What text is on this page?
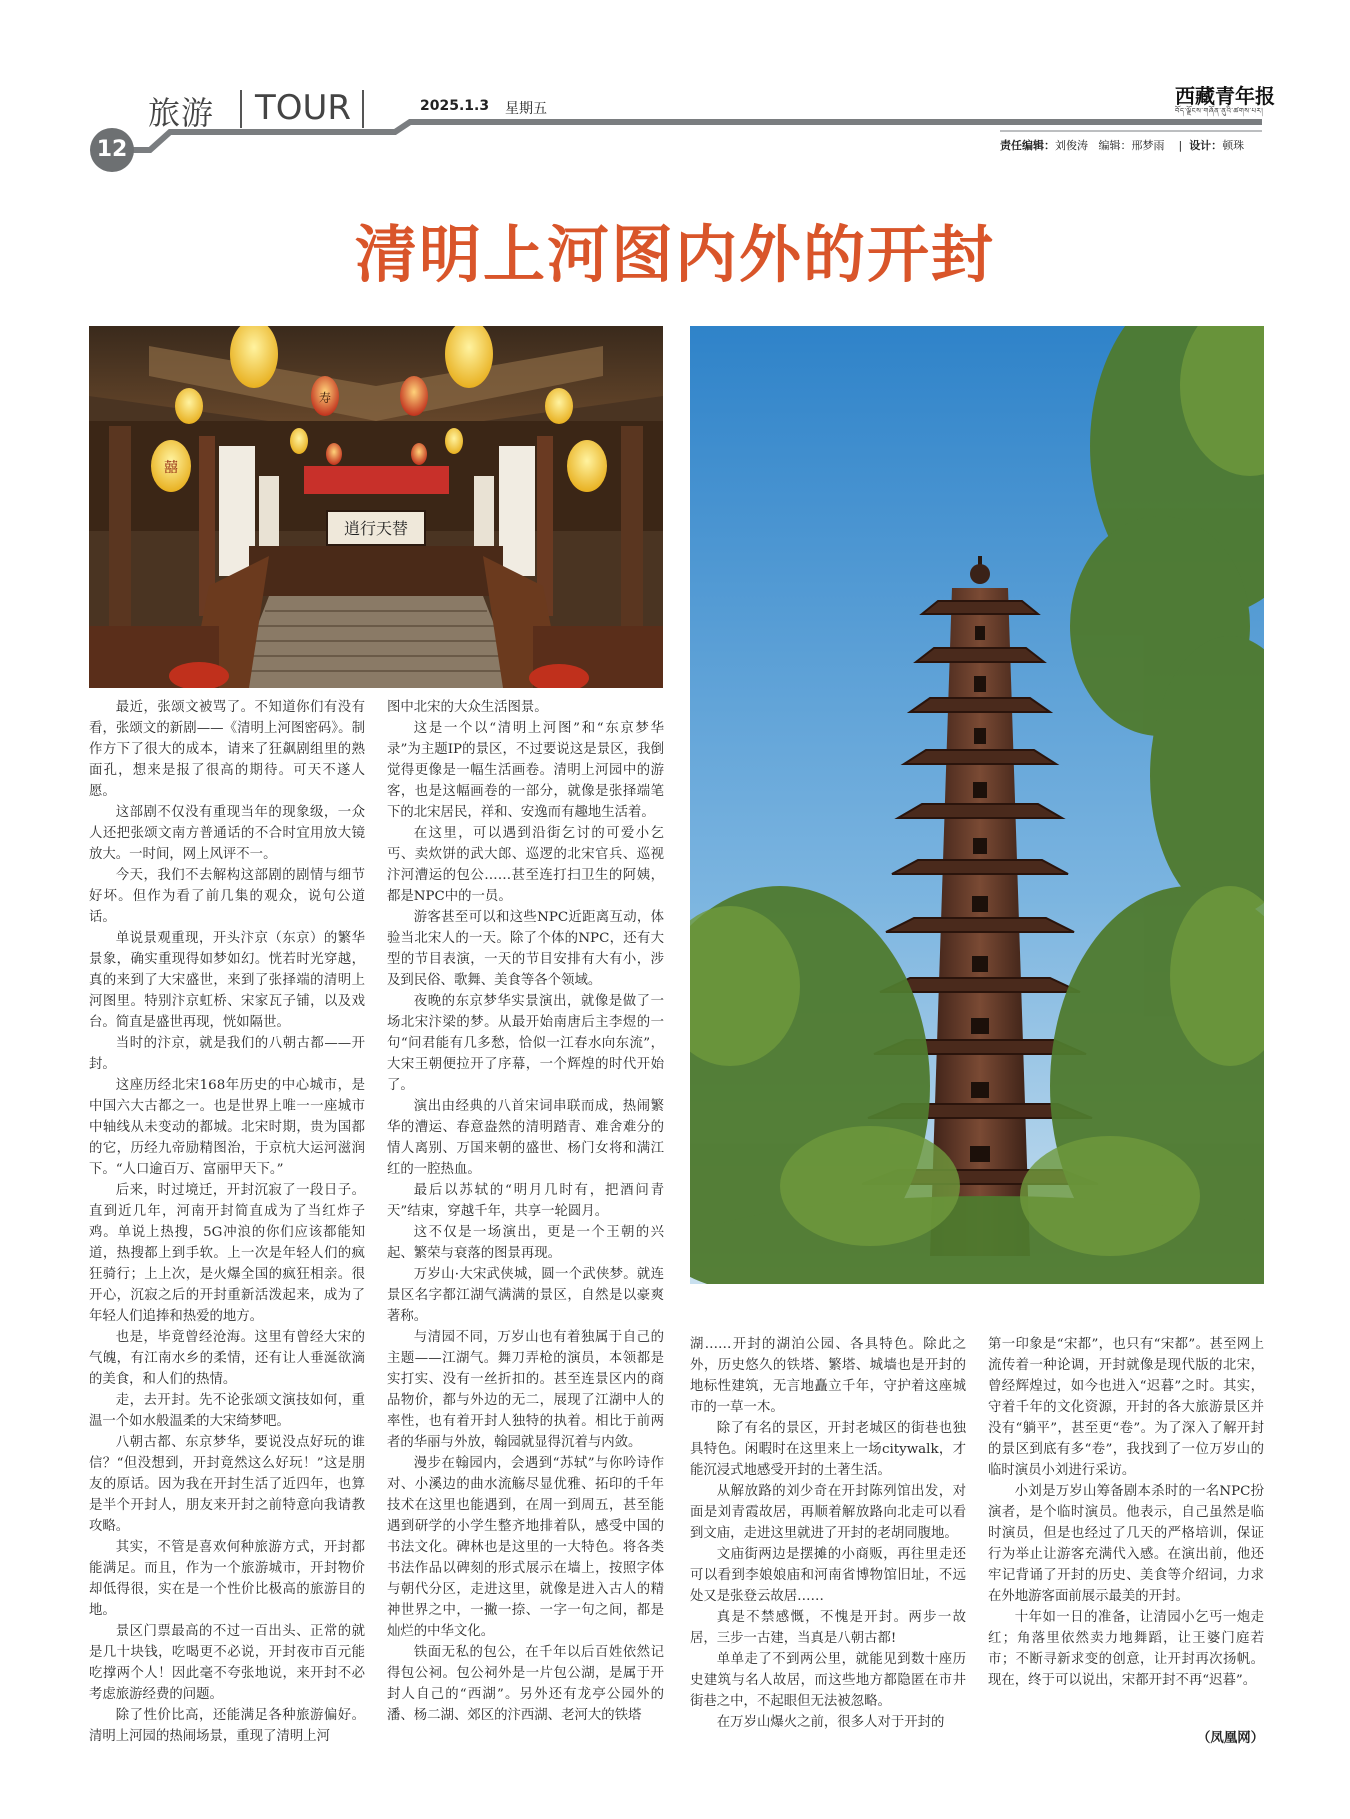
旅游 TOUR	2025.1.3 星期五
西藏青年报
བོད་ལྗོངས་གཞོན་ནུའི་ཚགས་པར།
12	责任编辑：刘俊涛 编辑：邢梦雨    |  设计：顿珠
清明上河图内外的开封
逍行天替
寿
囍

最近，张颂文被骂了。不知道你们有没有看，张颂文的新剧——《清明上河图密码》。制作方下了很大的成本，请来了狂飙剧组里的熟面孔，想来是报了很高的期待。可天不遂人愿。

这部剧不仅没有重现当年的现象级，一众人还把张颂文南方普通话的不合时宜用放大镜放大。一时间，网上风评不一。

今天，我们不去解构这部剧的剧情与细节好坏。但作为看了前几集的观众，说句公道话。

单说景观重现，开头汴京（东京）的繁华景象，确实重现得如梦如幻。恍若时光穿越，真的来到了大宋盛世，来到了张择端的清明上河图里。特别汴京虹桥、宋家瓦子铺，以及戏台。简直是盛世再现，恍如隔世。

当时的汴京，就是我们的八朝古都——开封。

这座历经北宋168年历史的中心城市，是中国六大古都之一。也是世界上唯一一座城市中轴线从未变动的都城。北宋时期，贵为国都的它，历经九帝励精图治，于京杭大运河滋润下。“人口逾百万、富丽甲天下。”

后来，时过境迁，开封沉寂了一段日子。直到近几年，河南开封简直成为了当红炸子鸡。单说上热搜，5G冲浪的你们应该都能知道，热搜都上到手软。上一次是年轻人们的疯狂骑行；上上次，是火爆全国的疯狂相亲。很开心，沉寂之后的开封重新活泼起来，成为了年轻人们追捧和热爱的地方。

也是，毕竟曾经沧海。这里有曾经大宋的气魄，有江南水乡的柔情，还有让人垂涎欲滴的美食，和人们的热情。

走，去开封。先不论张颂文演技如何，重温一个如水般温柔的大宋绮梦吧。

八朝古都、东京梦华，要说没点好玩的谁信？“但没想到，开封竟然这么好玩！”这是朋友的原话。因为我在开封生活了近四年，也算是半个开封人，朋友来开封之前特意向我请教攻略。

其实，不管是喜欢何种旅游方式，开封都能满足。而且，作为一个旅游城市，开封物价却低得很，实在是一个性价比极高的旅游目的地。

景区门票最高的不过一百出头、正常的就是几十块钱，吃喝更不必说，开封夜市百元能吃撑两个人！因此毫不夸张地说，来开封不必考虑旅游经费的问题。

除了性价比高，还能满足各种旅游偏好。清明上河园的热闹场景，重现了清明上河

图中北宋的大众生活图景。

这是一个以“清明上河图”和“东京梦华录”为主题IP的景区，不过要说这是景区，我倒觉得更像是一幅生活画卷。清明上河园中的游客，也是这幅画卷的一部分，就像是张择端笔下的北宋居民，祥和、安逸而有趣地生活着。

在这里，可以遇到沿街乞讨的可爱小乞丐、卖炊饼的武大郎、巡逻的北宋官兵、巡视汴河漕运的包公……甚至连打扫卫生的阿姨，都是NPC中的一员。

游客甚至可以和这些NPC近距离互动，体验当北宋人的一天。除了个体的NPC，还有大型的节目表演，一天的节目安排有大有小，涉及到民俗、歌舞、美食等各个领域。

夜晚的东京梦华实景演出，就像是做了一场北宋汴梁的梦。从最开始南唐后主李煜的一句“问君能有几多愁，恰似一江春水向东流”，大宋王朝便拉开了序幕，一个辉煌的时代开始了。

演出由经典的八首宋词串联而成，热闹繁华的漕运、春意盎然的清明踏青、难舍难分的情人离别、万国来朝的盛世、杨门女将和满江红的一腔热血。

最后以苏轼的“明月几时有，把酒问青天”结束，穿越千年，共享一轮圆月。

这不仅是一场演出，更是一个王朝的兴起、繁荣与衰落的图景再现。

万岁山·大宋武侠城，圆一个武侠梦。就连景区名字都江湖气满满的景区，自然是以豪爽著称。

与清园不同，万岁山也有着独属于自己的主题——江湖气。舞刀弄枪的演员，本领都是实打实、没有一丝折扣的。甚至连景区内的商品物价，都与外边的无二，展现了江湖中人的率性，也有着开封人独特的执着。相比于前两者的华丽与外放，翰园就显得沉着与内敛。

漫步在翰园内，会遇到“苏轼”与你吟诗作对、小溪边的曲水流觞尽显优雅、拓印的千年技术在这里也能遇到，在周一到周五，甚至能遇到研学的小学生整齐地排着队，感受中国的书法文化。碑林也是这里的一大特色。将各类书法作品以碑刻的形式展示在墙上，按照字体与朝代分区，走进这里，就像是进入古人的精神世界之中，一撇一捺、一字一句之间，都是灿烂的中华文化。

铁面无私的包公，在千年以后百姓依然记得包公祠。包公祠外是一片包公湖，是属于开封人自己的“西湖”。另外还有龙亭公园外的潘、杨二湖、郊区的汴西湖、老河大的铁塔

湖……开封的湖泊公园、各具特色。除此之外，历史悠久的铁塔、繁塔、城墙也是开封的地标性建筑，无言地矗立千年，守护着这座城市的一草一木。

除了有名的景区，开封老城区的街巷也独具特色。闲暇时在这里来上一场citywalk，才能沉浸式地感受开封的土著生活。

从解放路的刘少奇在开封陈列馆出发，对面是刘青霞故居，再顺着解放路向北走可以看到文庙，走进这里就进了开封的老胡同腹地。

文庙街两边是摆摊的小商贩，再往里走还可以看到李娘娘庙和河南省博物馆旧址，不远处又是张登云故居……

真是不禁感慨，不愧是开封。两步一故居，三步一古建，当真是八朝古都!

单单走了不到两公里，就能见到数十座历史建筑与名人故居，而这些地方都隐匿在市井街巷之中，不起眼但无法被忽略。

在万岁山爆火之前，很多人对于开封的

第一印象是“宋都”，也只有“宋都”。甚至网上流传着一种论调，开封就像是现代版的北宋，曾经辉煌过，如今也进入“迟暮”之时。其实，守着千年的文化资源，开封的各大旅游景区并没有“躺平”，甚至更“卷”。为了深入了解开封的景区到底有多“卷”，我找到了一位万岁山的临时演员小刘进行采访。

小刘是万岁山筹备剧本杀时的一名NPC扮演者，是个临时演员。他表示，自己虽然是临时演员，但是也经过了几天的严格培训，保证行为举止让游客充满代入感。在演出前，他还牢记背诵了开封的历史、美食等介绍词，力求在外地游客面前展示最美的开封。

十年如一日的准备，让清园小乞丐一炮走红；角落里依然卖力地舞蹈，让王婆门庭若市；不断寻新求变的创意，让开封再次扬帆。现在，终于可以说出，宋都开封不再“迟暮”。

（凤凰网）
